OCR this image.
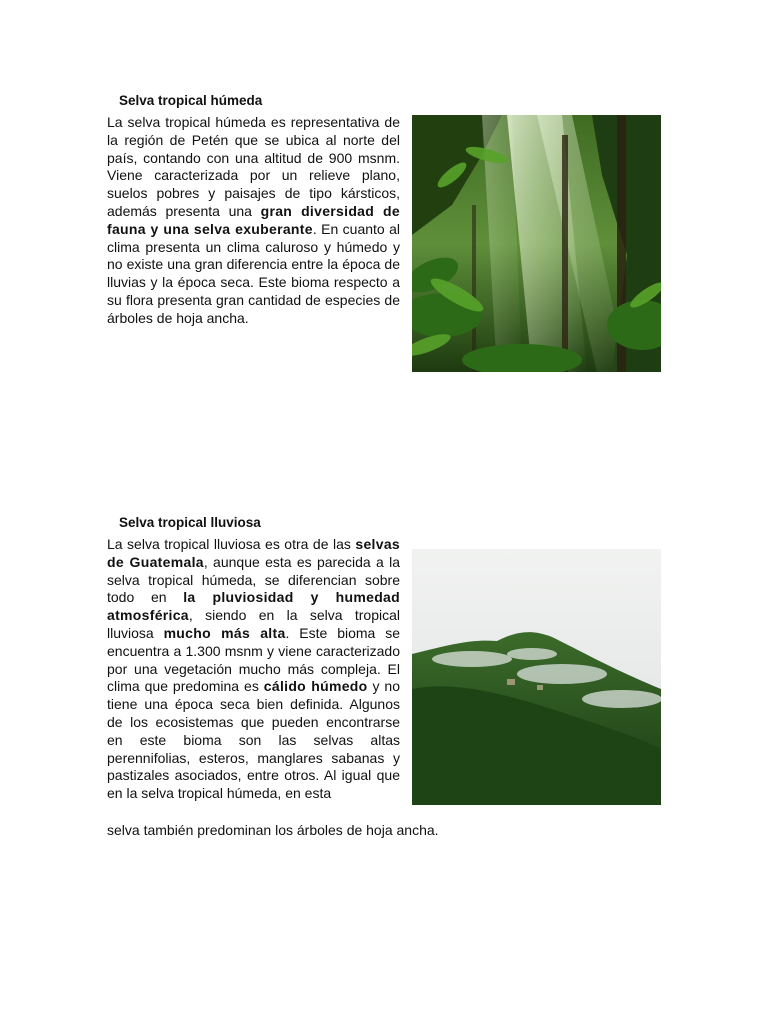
Selva tropical húmeda

La selva tropical húmeda es representativa de la región de Petén que se ubica al norte del país, contando con una altitud de 900 msnm. Viene caracterizada por un relieve plano, suelos pobres y paisajes de tipo kársticos, además presenta una gran diversidad de fauna y una selva exuberante. En cuanto al clima presenta un clima caluroso y húmedo y no existe una gran diferencia entre la época de lluvias y la época seca. Este bioma respecto a su flora presenta gran cantidad de especies de árboles de hoja ancha.

Selva tropical lluviosa

La selva tropical lluviosa es otra de las selvas de Guatemala, aunque esta es parecida a la selva tropical húmeda, se diferencian sobre todo en la pluviosidad y humedad atmosférica, siendo en la selva tropical lluviosa mucho más alta. Este bioma se encuentra a 1.300 msnm y viene caracterizado por una vegetación mucho más compleja. El clima que predomina es cálido húmedo y no tiene una época seca bien definida. Algunos de los ecosistemas que pueden encontrarse en este bioma son las selvas altas perennifolias, esteros, manglares sabanas y pastizales asociados, entre otros. Al igual que en la selva tropical húmeda, en esta

selva también predominan los árboles de hoja ancha.
